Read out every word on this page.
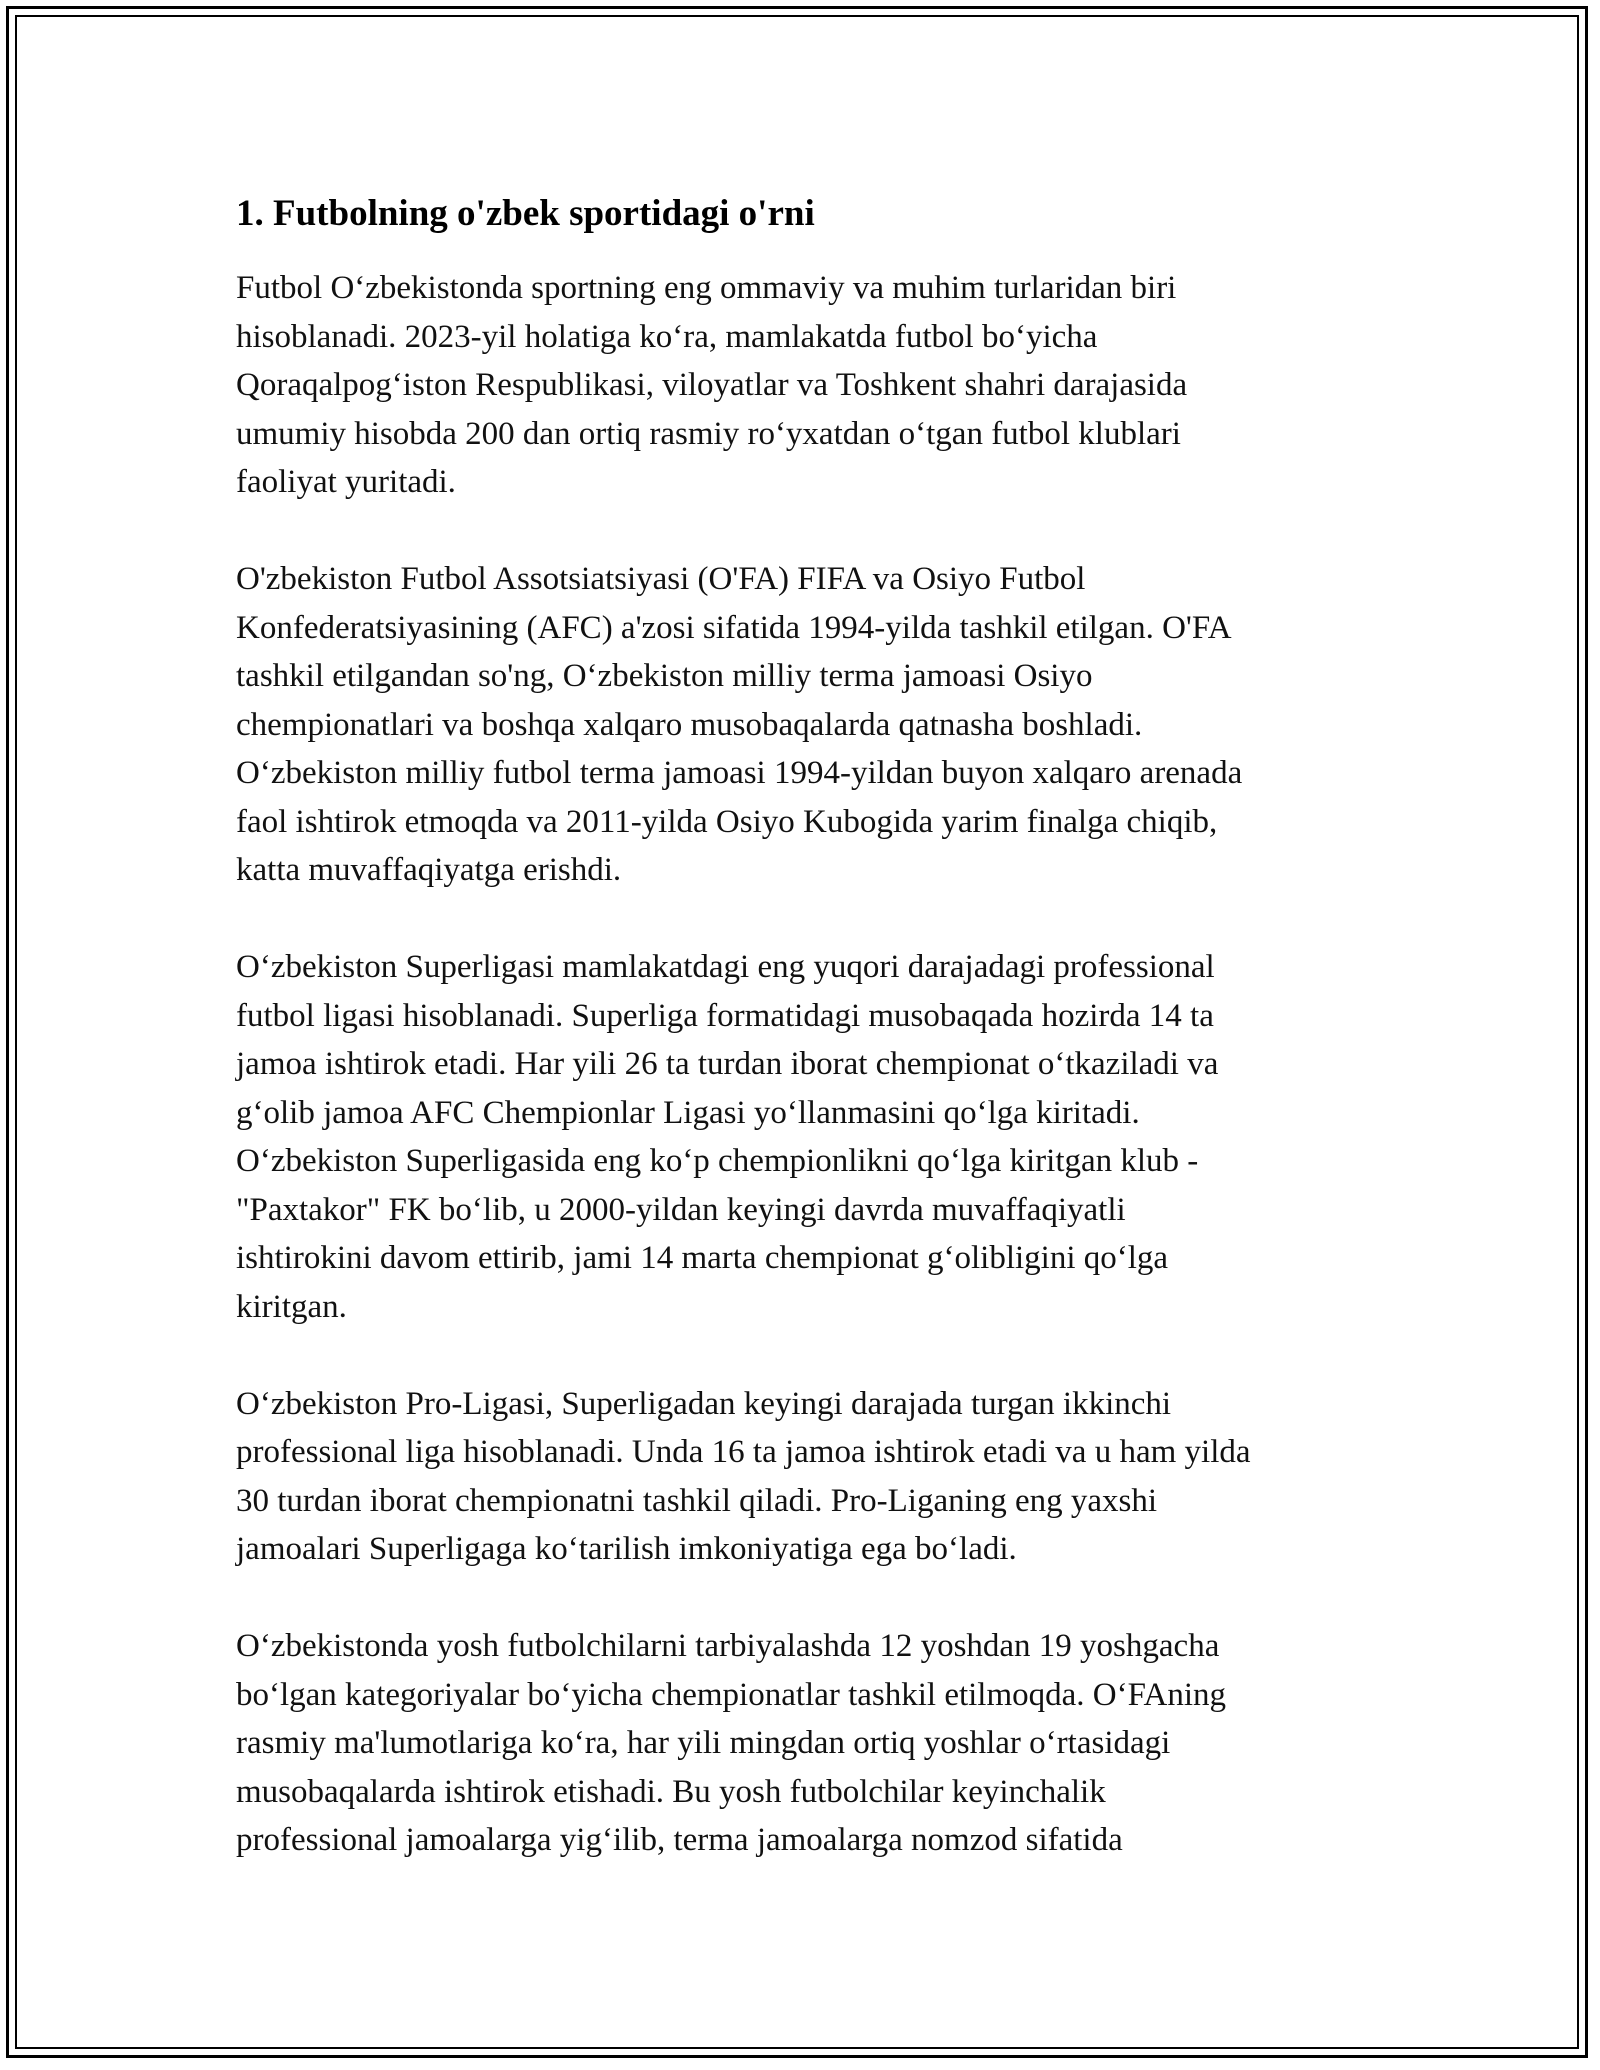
1. Futbolning o'zbek sportidagi o'rni

Futbol Oʻzbekistonda sportning eng ommaviy va muhim turlaridan biri
hisoblanadi. 2023-yil holatiga koʻra, mamlakatda futbol boʻyicha
Qoraqalpogʻiston Respublikasi, viloyatlar va Toshkent shahri darajasida
umumiy hisobda 200 dan ortiq rasmiy roʻyxatdan oʻtgan futbol klublari
faoliyat yuritadi.

O'zbekiston Futbol Assotsiatsiyasi (O'FA) FIFA va Osiyo Futbol
Konfederatsiyasining (AFC) a'zosi sifatida 1994-yilda tashkil etilgan. O'FA
tashkil etilgandan so'ng, Oʻzbekiston milliy terma jamoasi Osiyo
chempionatlari va boshqa xalqaro musobaqalarda qatnasha boshladi.
Oʻzbekiston milliy futbol terma jamoasi 1994-yildan buyon xalqaro arenada
faol ishtirok etmoqda va 2011-yilda Osiyo Kubogida yarim finalga chiqib,
katta muvaffaqiyatga erishdi.

Oʻzbekiston Superligasi mamlakatdagi eng yuqori darajadagi professional
futbol ligasi hisoblanadi. Superliga formatidagi musobaqada hozirda 14 ta
jamoa ishtirok etadi. Har yili 26 ta turdan iborat chempionat oʻtkaziladi va
gʻolib jamoa AFC Chempionlar Ligasi yoʻllanmasini qoʻlga kiritadi.
Oʻzbekiston Superligasida eng koʻp chempionlikni qoʻlga kiritgan klub -
"Paxtakor" FK boʻlib, u 2000-yildan keyingi davrda muvaffaqiyatli
ishtirokini davom ettirib, jami 14 marta chempionat gʻolibligini qoʻlga
kiritgan.

Oʻzbekiston Pro-Ligasi, Superligadan keyingi darajada turgan ikkinchi
professional liga hisoblanadi. Unda 16 ta jamoa ishtirok etadi va u ham yilda
30 turdan iborat chempionatni tashkil qiladi. Pro-Liganing eng yaxshi
jamoalari Superligaga koʻtarilish imkoniyatiga ega boʻladi.

Oʻzbekistonda yosh futbolchilarni tarbiyalashda 12 yoshdan 19 yoshgacha
boʻlgan kategoriyalar boʻyicha chempionatlar tashkil etilmoqda. OʻFAning
rasmiy ma'lumotlariga koʻra, har yili mingdan ortiq yoshlar oʻrtasidagi
musobaqalarda ishtirok etishadi. Bu yosh futbolchilar keyinchalik
professional jamoalarga yigʻilib, terma jamoalarga nomzod sifatida
